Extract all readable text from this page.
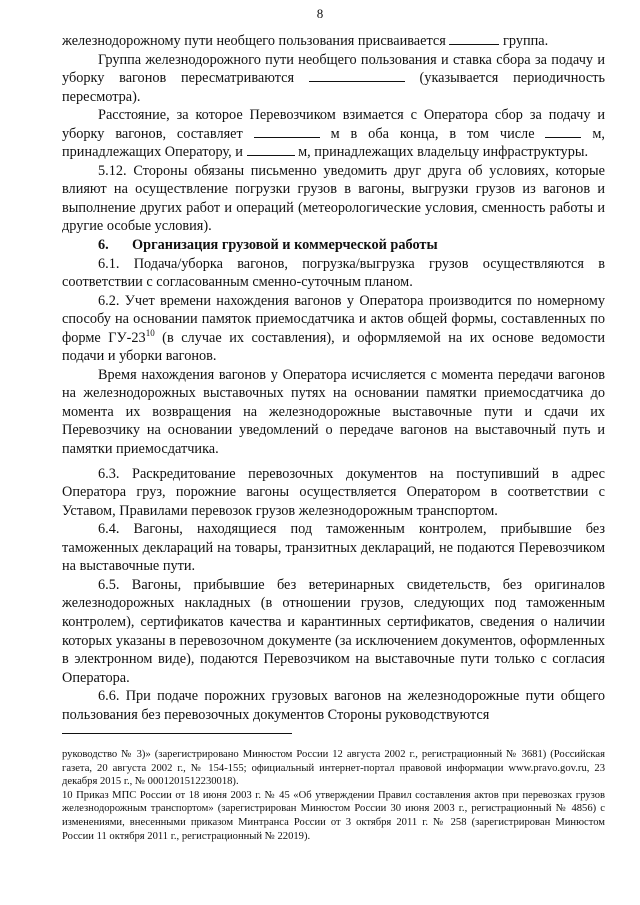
8

железнодорожному пути необщего пользования присваивается	группа.

Группа железнодорожного пути необщего пользования и ставка сбора за подачу и уборку вагонов пересматриваются	(указывается периодичность пересмотра).

Расстояние, за которое Перевозчиком взимается с Оператора сбор за подачу и уборку вагонов, составляет	м в оба конца, в том числе	м, принадлежащих Оператору, и	м, принадлежащих владельцу инфраструктуры.

5.12. Стороны обязаны письменно уведомить друг друга об условиях, которые влияют на осуществление погрузки грузов в вагоны, выгрузки грузов из вагонов и выполнение других работ и операций (метеорологические условия, сменность работы и другие особые условия).

6. Организация грузовой и коммерческой работы

6.1. Подача/уборка вагонов, погрузка/выгрузка грузов осуществляются в соответствии с согласованным сменно-суточным планом.

6.2. Учет времени нахождения вагонов у Оператора производится по номерному способу на основании памяток приемосдатчика и актов общей формы, составленных по форме $ГУ-23^{10}$ (в случае их составления), и оформляемой на их основе ведомости подачи и уборки вагонов.

Время нахождения вагонов у Оператора исчисляется с момента передачи вагонов на железнодорожных выставочных путях на основании памятки приемосдатчика до момента их возвращения на железнодорожные выставочные пути и сдачи их Перевозчику на основании уведомлений о передаче вагонов на выставочный путь и памятки приемосдатчика.

6.3. Раскредитование перевозочных документов на поступивший в адрес Оператора груз, порожние вагоны осуществляется Оператором в соответствии с Уставом, Правилами перевозок грузов железнодорожным транспортом.

6.4. Вагоны, находящиеся под таможенным контролем, прибывшие без таможенных деклараций на товары, транзитных деклараций, не подаются Перевозчиком на выставочные пути.

6.5. Вагоны, прибывшие без ветеринарных свидетельств, без оригиналов железнодорожных накладных (в отношении грузов, следующих под таможенным контролем), сертификатов качества и карантинных сертификатов, сведения о наличии которых указаны в перевозочном документе (за исключением документов, оформленных в электронном виде), подаются Перевозчиком на выставочные пути только с согласия Оператора.

6.6. При подаче порожних грузовых вагонов на железнодорожные пути общего пользования без перевозочных документов Стороны руководствуются

руководство № 3)» (зарегистрировано Минюстом России 12 августа 2002 г., регистрационный № 3681) (Российская газета, 20 августа 2002 г., № 154-155; официальный интернет-портал правовой информации www.pravo.gov.ru, 23 декабря 2015 г., № 0001201512230018).

10 Приказ МПС России от 18 июня 2003 г. № 45 «Об утверждении Правил составления актов при перевозках грузов железнодорожным транспортом» (зарегистрирован Минюстом России 30 июня 2003 г., регистрационный № 4856) с изменениями, внесенными приказом Минтранса России от 3 октября 2011 г. № 258 (зарегистрирован Минюстом России 11 октября 2011 г., регистрационный № 22019).
